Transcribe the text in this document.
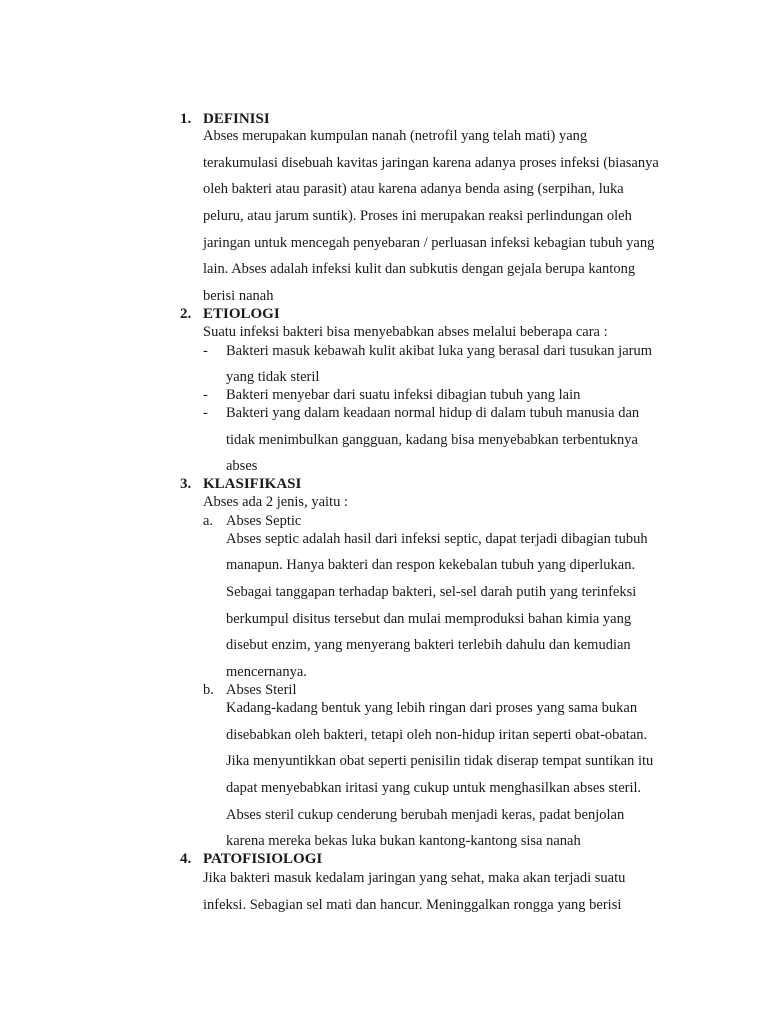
1. DEFINISI
Abses merupakan kumpulan nanah (netrofil yang telah mati) yang
terakumulasi disebuah kavitas jaringan karena adanya proses infeksi (biasanya
oleh bakteri atau parasit) atau karena adanya benda asing (serpihan, luka
peluru, atau jarum suntik). Proses ini merupakan reaksi perlindungan oleh
jaringan untuk mencegah penyebaran / perluasan infeksi kebagian tubuh yang
lain. Abses adalah infeksi kulit dan subkutis dengan gejala berupa kantong
berisi nanah
2. ETIOLOGI
Suatu infeksi bakteri bisa menyebabkan abses melalui beberapa cara :
- Bakteri masuk kebawah kulit akibat luka yang berasal dari tusukan jarum
yang tidak steril
- Bakteri menyebar dari suatu infeksi dibagian tubuh yang lain
- Bakteri yang dalam keadaan normal hidup di dalam tubuh manusia dan
tidak menimbulkan gangguan, kadang bisa menyebabkan terbentuknya
abses
3. KLASIFIKASI
Abses ada 2 jenis, yaitu :
a. Abses Septic
Abses septic adalah hasil dari infeksi septic, dapat terjadi dibagian tubuh
manapun. Hanya bakteri dan respon kekebalan tubuh yang diperlukan.
Sebagai tanggapan terhadap bakteri, sel-sel darah putih yang terinfeksi
berkumpul disitus tersebut dan mulai memproduksi bahan kimia yang
disebut enzim, yang menyerang bakteri terlebih dahulu dan kemudian
mencernanya.
b. Abses Steril
Kadang-kadang bentuk yang lebih ringan dari proses yang sama bukan
disebabkan oleh bakteri, tetapi oleh non-hidup iritan seperti obat-obatan.
Jika menyuntikkan obat seperti penisilin tidak diserap tempat suntikan itu
dapat menyebabkan iritasi yang cukup untuk menghasilkan abses steril.
Abses steril cukup cenderung berubah menjadi keras, padat benjolan
karena mereka bekas luka bukan kantong-kantong sisa nanah
4. PATOFISIOLOGI
Jika bakteri masuk kedalam jaringan yang sehat, maka akan terjadi suatu
infeksi. Sebagian sel mati dan hancur. Meninggalkan rongga yang berisi
